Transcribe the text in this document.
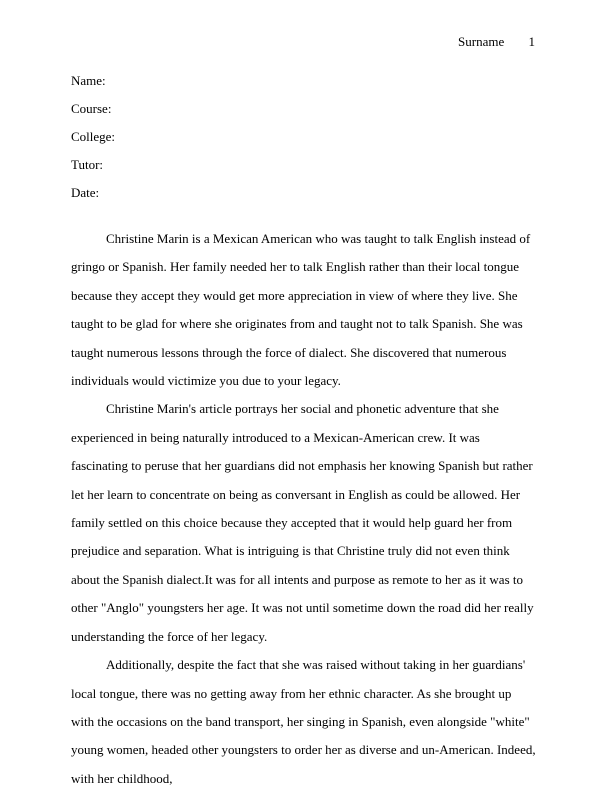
Surname 1
Name:
Course:
College:
Tutor:
Date:

Christine Marin is a Mexican American who was taught to talk English instead of gringo or Spanish. Her family needed her to talk English rather than their local tongue because they accept they would get more appreciation in view of where they live. She taught to be glad for where she originates from and taught not to talk Spanish. She was taught numerous lessons through the force of dialect. She discovered that numerous individuals would victimize you due to your legacy.

Christine Marin's article portrays her social and phonetic adventure that she experienced in being naturally introduced to a Mexican-American crew. It was fascinating to peruse that her guardians did not emphasis her knowing Spanish but rather let her learn to concentrate on being as conversant in English as could be allowed. Her family settled on this choice because they accepted that it would help guard her from prejudice and separation. What is intriguing is that Christine truly did not even think about the Spanish dialect.It was for all intents and purpose as remote to her as it was to other "Anglo" youngsters her age. It was not until sometime down the road did her really understanding the force of her legacy.

Additionally, despite the fact that she was raised without taking in her guardians' local tongue, there was no getting away from her ethnic character. As she brought up with the occasions on the band transport, her singing in Spanish, even alongside "white" young women, headed other youngsters to order her as diverse and un-American. Indeed, with her childhood,
